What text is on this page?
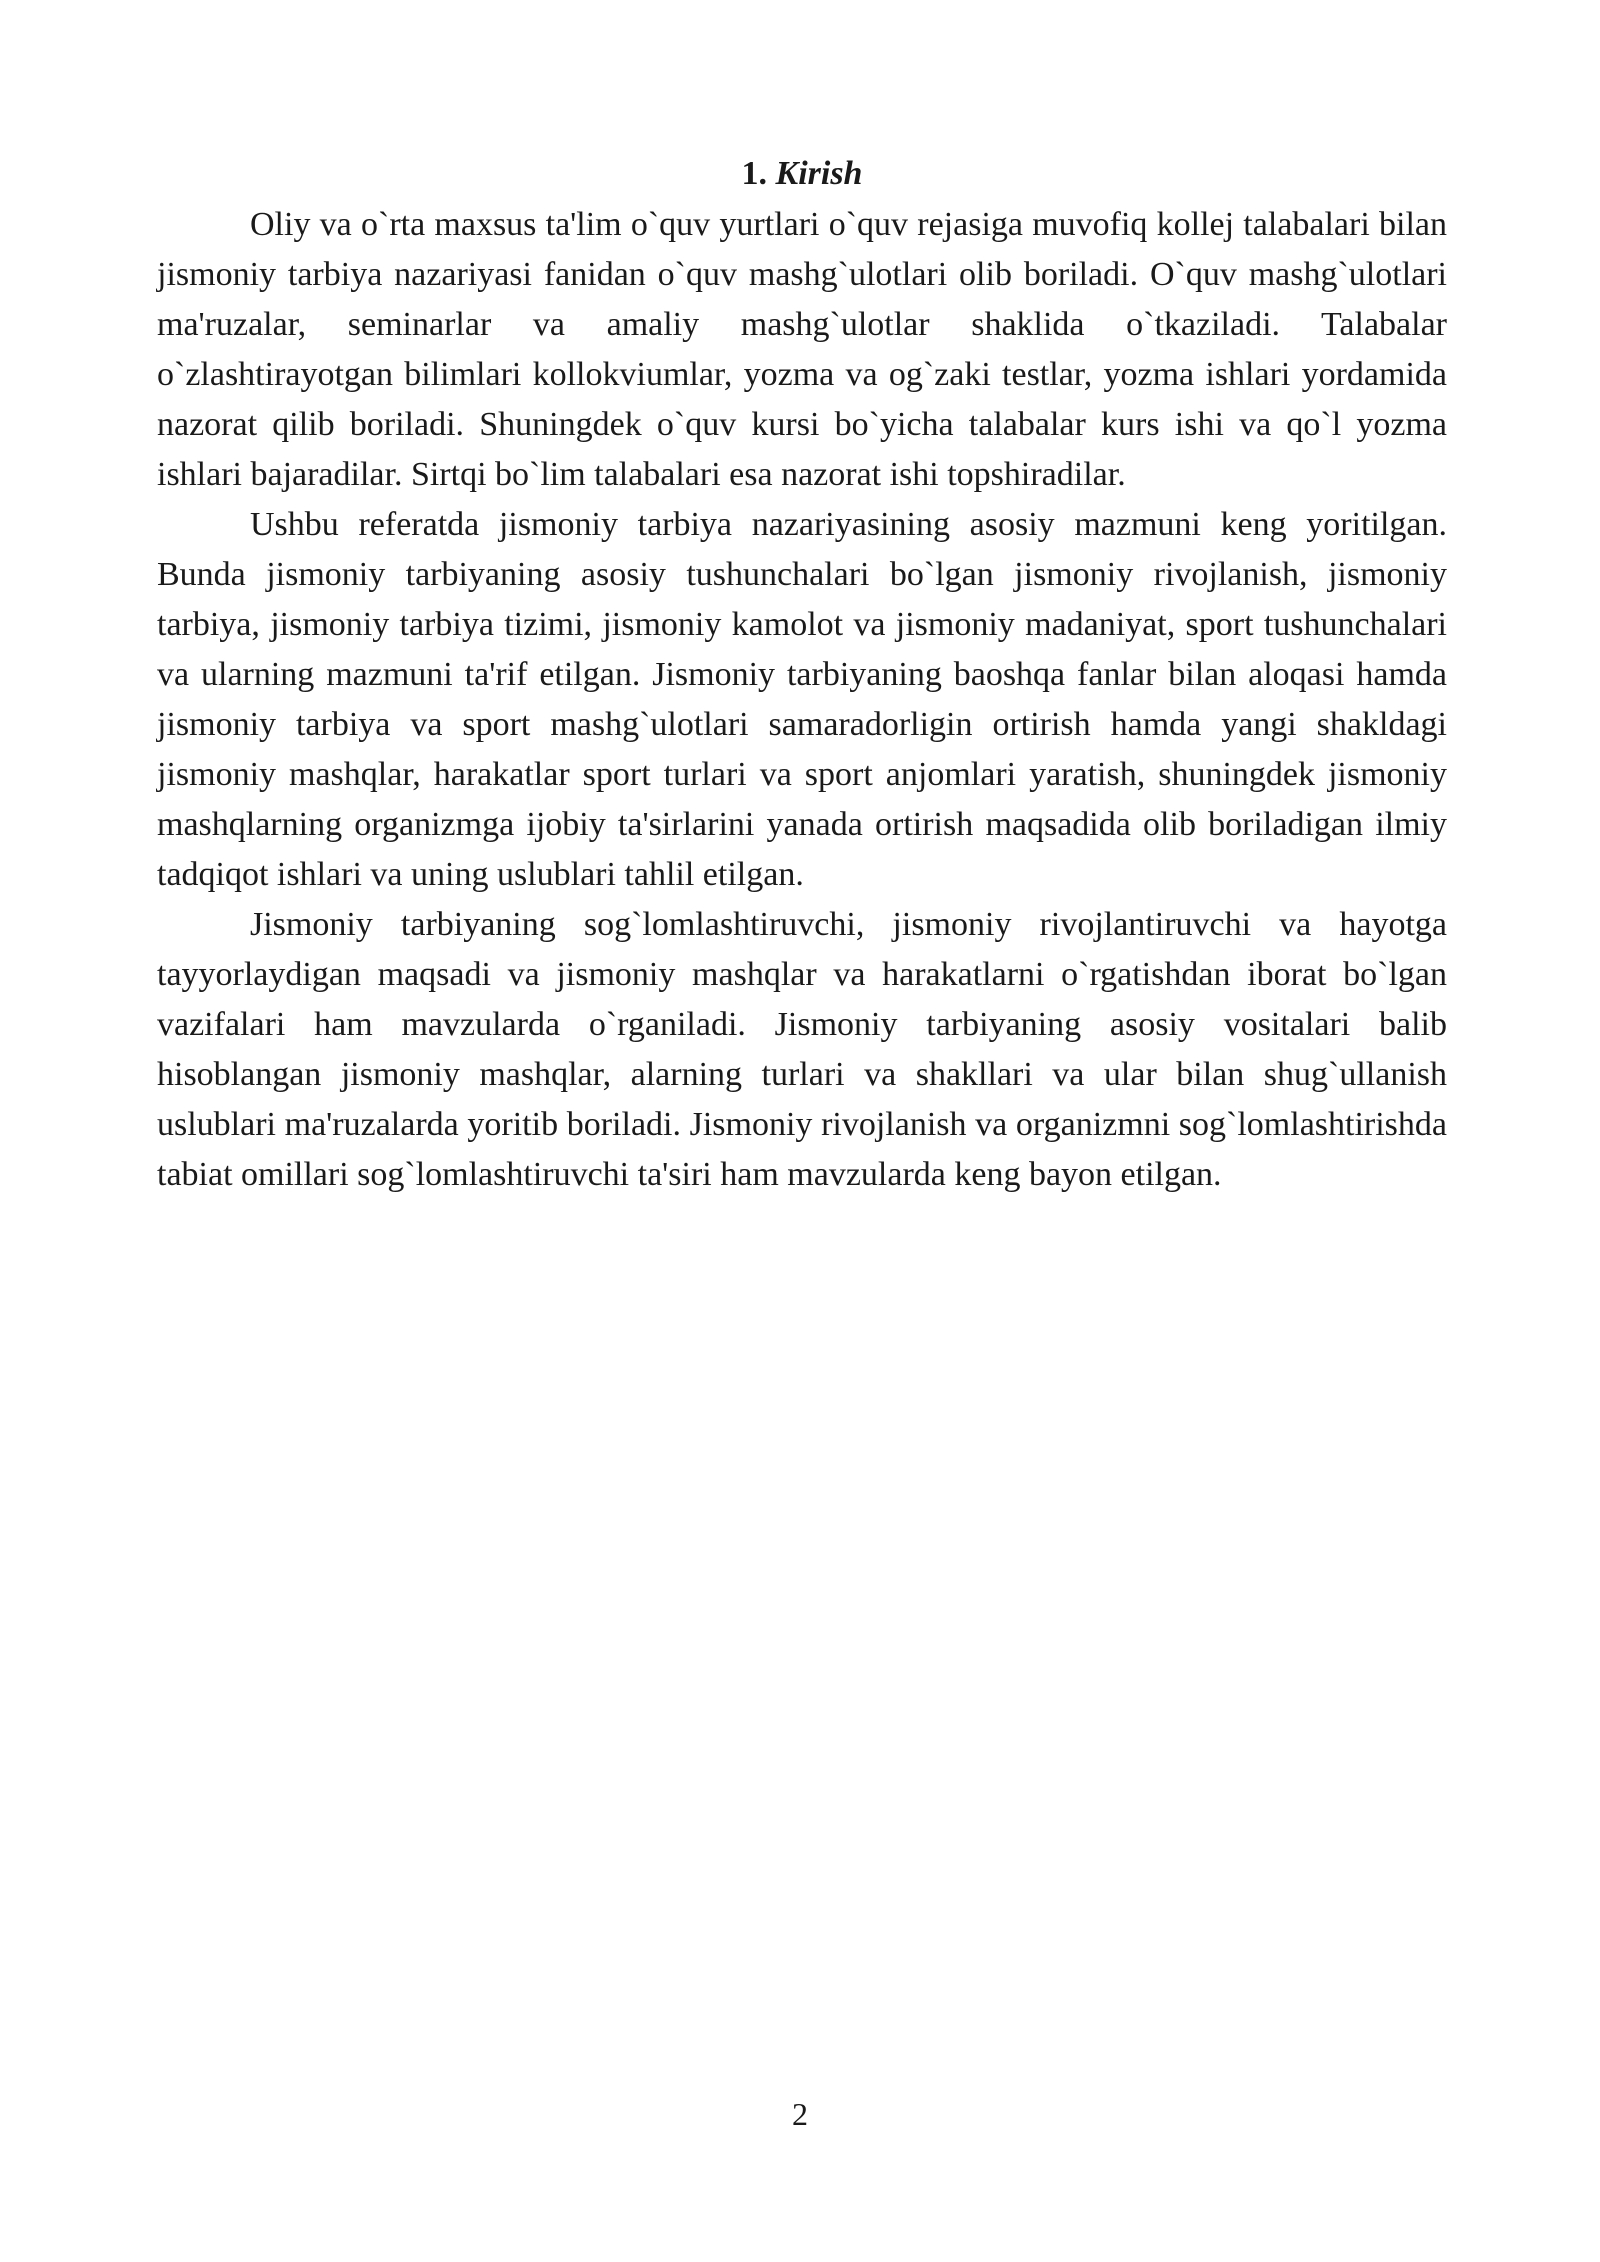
1. Kirish

Oliy va o`rta maxsus ta'lim o`quv yurtlari o`quv rejasiga muvofiq kollej talabalari bilan jismoniy tarbiya nazariyasi fanidan o`quv mashg`ulotlari olib boriladi. O`quv mashg`ulotlari ma'ruzalar, seminarlar va amaliy mashg`ulotlar shaklida o`tkaziladi. Talabalar o`zlashtirayotgan bilimlari kollokviumlar, yozma va og`zaki testlar, yozma ishlari yordamida nazorat qilib boriladi. Shuningdek o`quv kursi bo`yicha talabalar kurs ishi va qo`l yozma ishlari bajaradilar. Sirtqi bo`lim talabalari esa nazorat ishi topshiradilar.

Ushbu referatda jismoniy tarbiya nazariyasining asosiy mazmuni keng yoritilgan. Bunda jismoniy tarbiyaning asosiy tushunchalari bo`lgan jismoniy rivojlanish, jismoniy tarbiya, jismoniy tarbiya tizimi, jismoniy kamolot va jismoniy madaniyat, sport tushunchalari va ularning mazmuni ta'rif etilgan. Jismoniy tarbiyaning baoshqa fanlar bilan aloqasi hamda jismoniy tarbiya va sport mashg`ulotlari samaradorligin ortirish hamda yangi shakldagi jismoniy mashqlar, harakatlar sport turlari va sport anjomlari yaratish, shuningdek jismoniy mashqlarning organizmga ijobiy ta'sirlarini yanada ortirish maqsadida olib boriladigan ilmiy tadqiqot ishlari va uning uslublari tahlil etilgan.

Jismoniy tarbiyaning sog`lomlashtiruvchi, jismoniy rivojlantiruvchi va hayotga tayyorlaydigan maqsadi va jismoniy mashqlar va harakatlarni o`rgatishdan iborat bo`lgan vazifalari ham mavzularda o`rganiladi. Jismoniy tarbiyaning asosiy vositalari balib hisoblangan jismoniy mashqlar, alarning turlari va shakllari va ular bilan shug`ullanish uslublari ma'ruzalarda yoritib boriladi. Jismoniy rivojlanish va organizmni sog`lomlashtirishda tabiat omillari sog`lomlashtiruvchi ta'siri ham mavzularda keng bayon etilgan.

2
